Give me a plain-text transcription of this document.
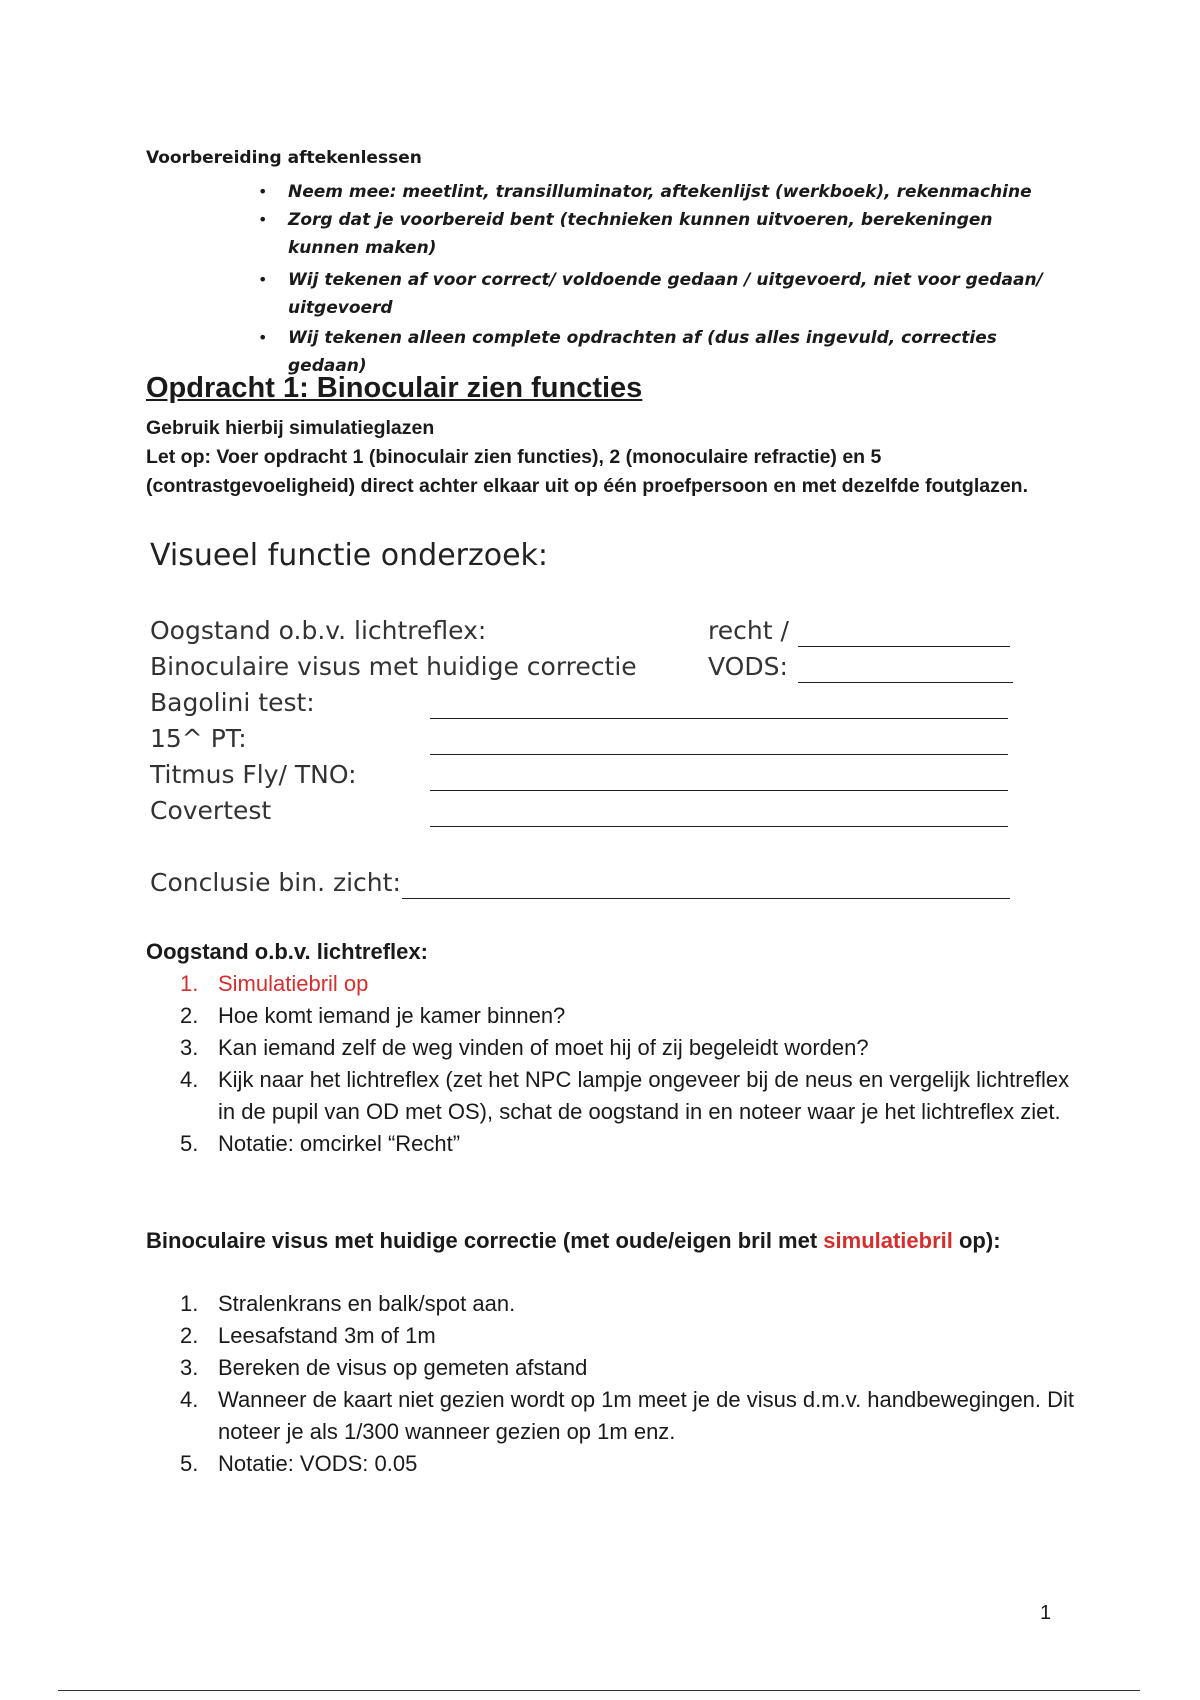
Voorbereiding aftekenlessen
• Neem mee: meetlint, transilluminator, aftekenlijst (werkboek), rekenmachine
• Zorg dat je voorbereid bent (technieken kunnen uitvoeren, berekeningen kunnen maken)
• Wij tekenen af voor correct/ voldoende gedaan / uitgevoerd, niet voor gedaan/ uitgevoerd
• Wij tekenen alleen complete opdrachten af (dus alles ingevuld, correcties gedaan)
Opdracht 1: Binoculair zien functies
Gebruik hierbij simulatieglazen
Let op: Voer opdracht 1 (binoculair zien functies), 2 (monoculaire refractie) en 5 (contrastgevoeligheid) direct achter elkaar uit op één proefpersoon en met dezelfde foutglazen.
Visueel functie onderzoek:
Oogstand o.b.v. lichtreflex:	recht /
Binoculaire visus met huidige correctie	VODS:
Bagolini test:
15^ PT:
Titmus Fly/ TNO:
Covertest
Conclusie bin. zicht:
Oogstand o.b.v. lichtreflex:
1. Simulatiebril op
2. Hoe komt iemand je kamer binnen?
3. Kan iemand zelf de weg vinden of moet hij of zij begeleidt worden?
4. Kijk naar het lichtreflex (zet het NPC lampje ongeveer bij de neus en vergelijk lichtreflex in de pupil van OD met OS), schat de oogstand in en noteer waar je het lichtreflex ziet.
5. Notatie: omcirkel “Recht”
Binoculaire visus met huidige correctie (met oude/eigen bril met simulatiebril op):
1. Stralenkrans en balk/spot aan.
2. Leesafstand 3m of 1m
3. Bereken de visus op gemeten afstand
4. Wanneer de kaart niet gezien wordt op 1m meet je de visus d.m.v. handbewegingen. Dit noteer je als 1/300 wanneer gezien op 1m enz.
5. Notatie: VODS: 0.05
1
